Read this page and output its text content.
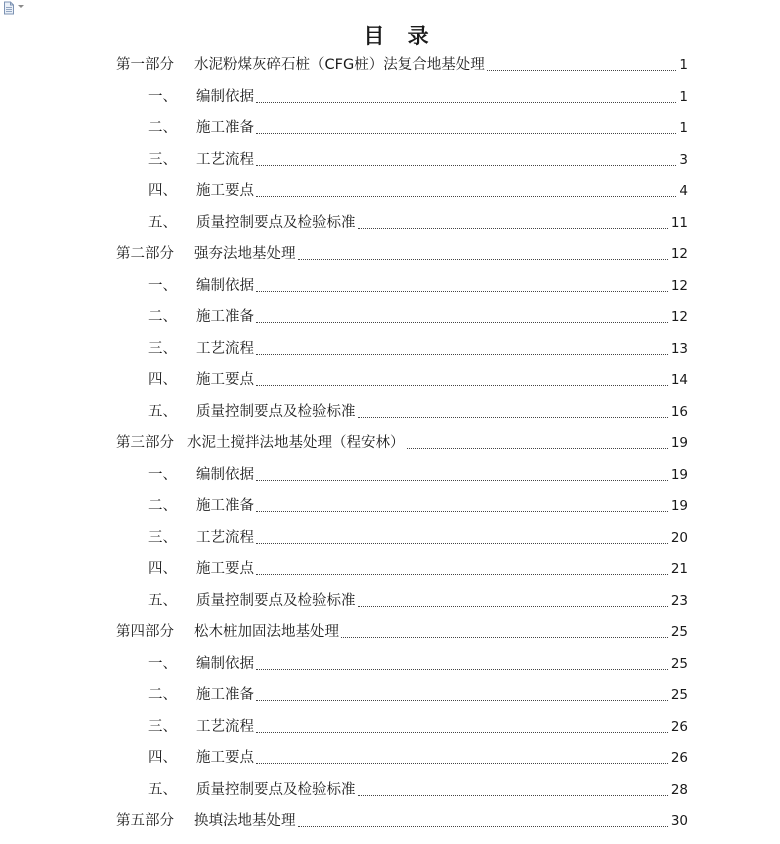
目 录
第一部分	水泥粉煤灰碎石桩（CFG桩）法复合地基处理	1
一、	编制依据	1
二、	施工准备	1
三、	工艺流程	3
四、	施工要点	4
五、	质量控制要点及检验标准	11
第二部分	强夯法地基处理	12
一、	编制依据	12
二、	施工准备	12
三、	工艺流程	13
四、	施工要点	14
五、	质量控制要点及检验标准	16
第三部分 水泥土搅拌法地基处理（程安林）	19
一、	编制依据	19
二、	施工准备	19
三、	工艺流程	20
四、	施工要点	21
五、	质量控制要点及检验标准	23
第四部分	松木桩加固法地基处理	25
一、	编制依据	25
二、	施工准备	25
三、	工艺流程	26
四、	施工要点	26
五、	质量控制要点及检验标准	28
第五部分	换填法地基处理	30
